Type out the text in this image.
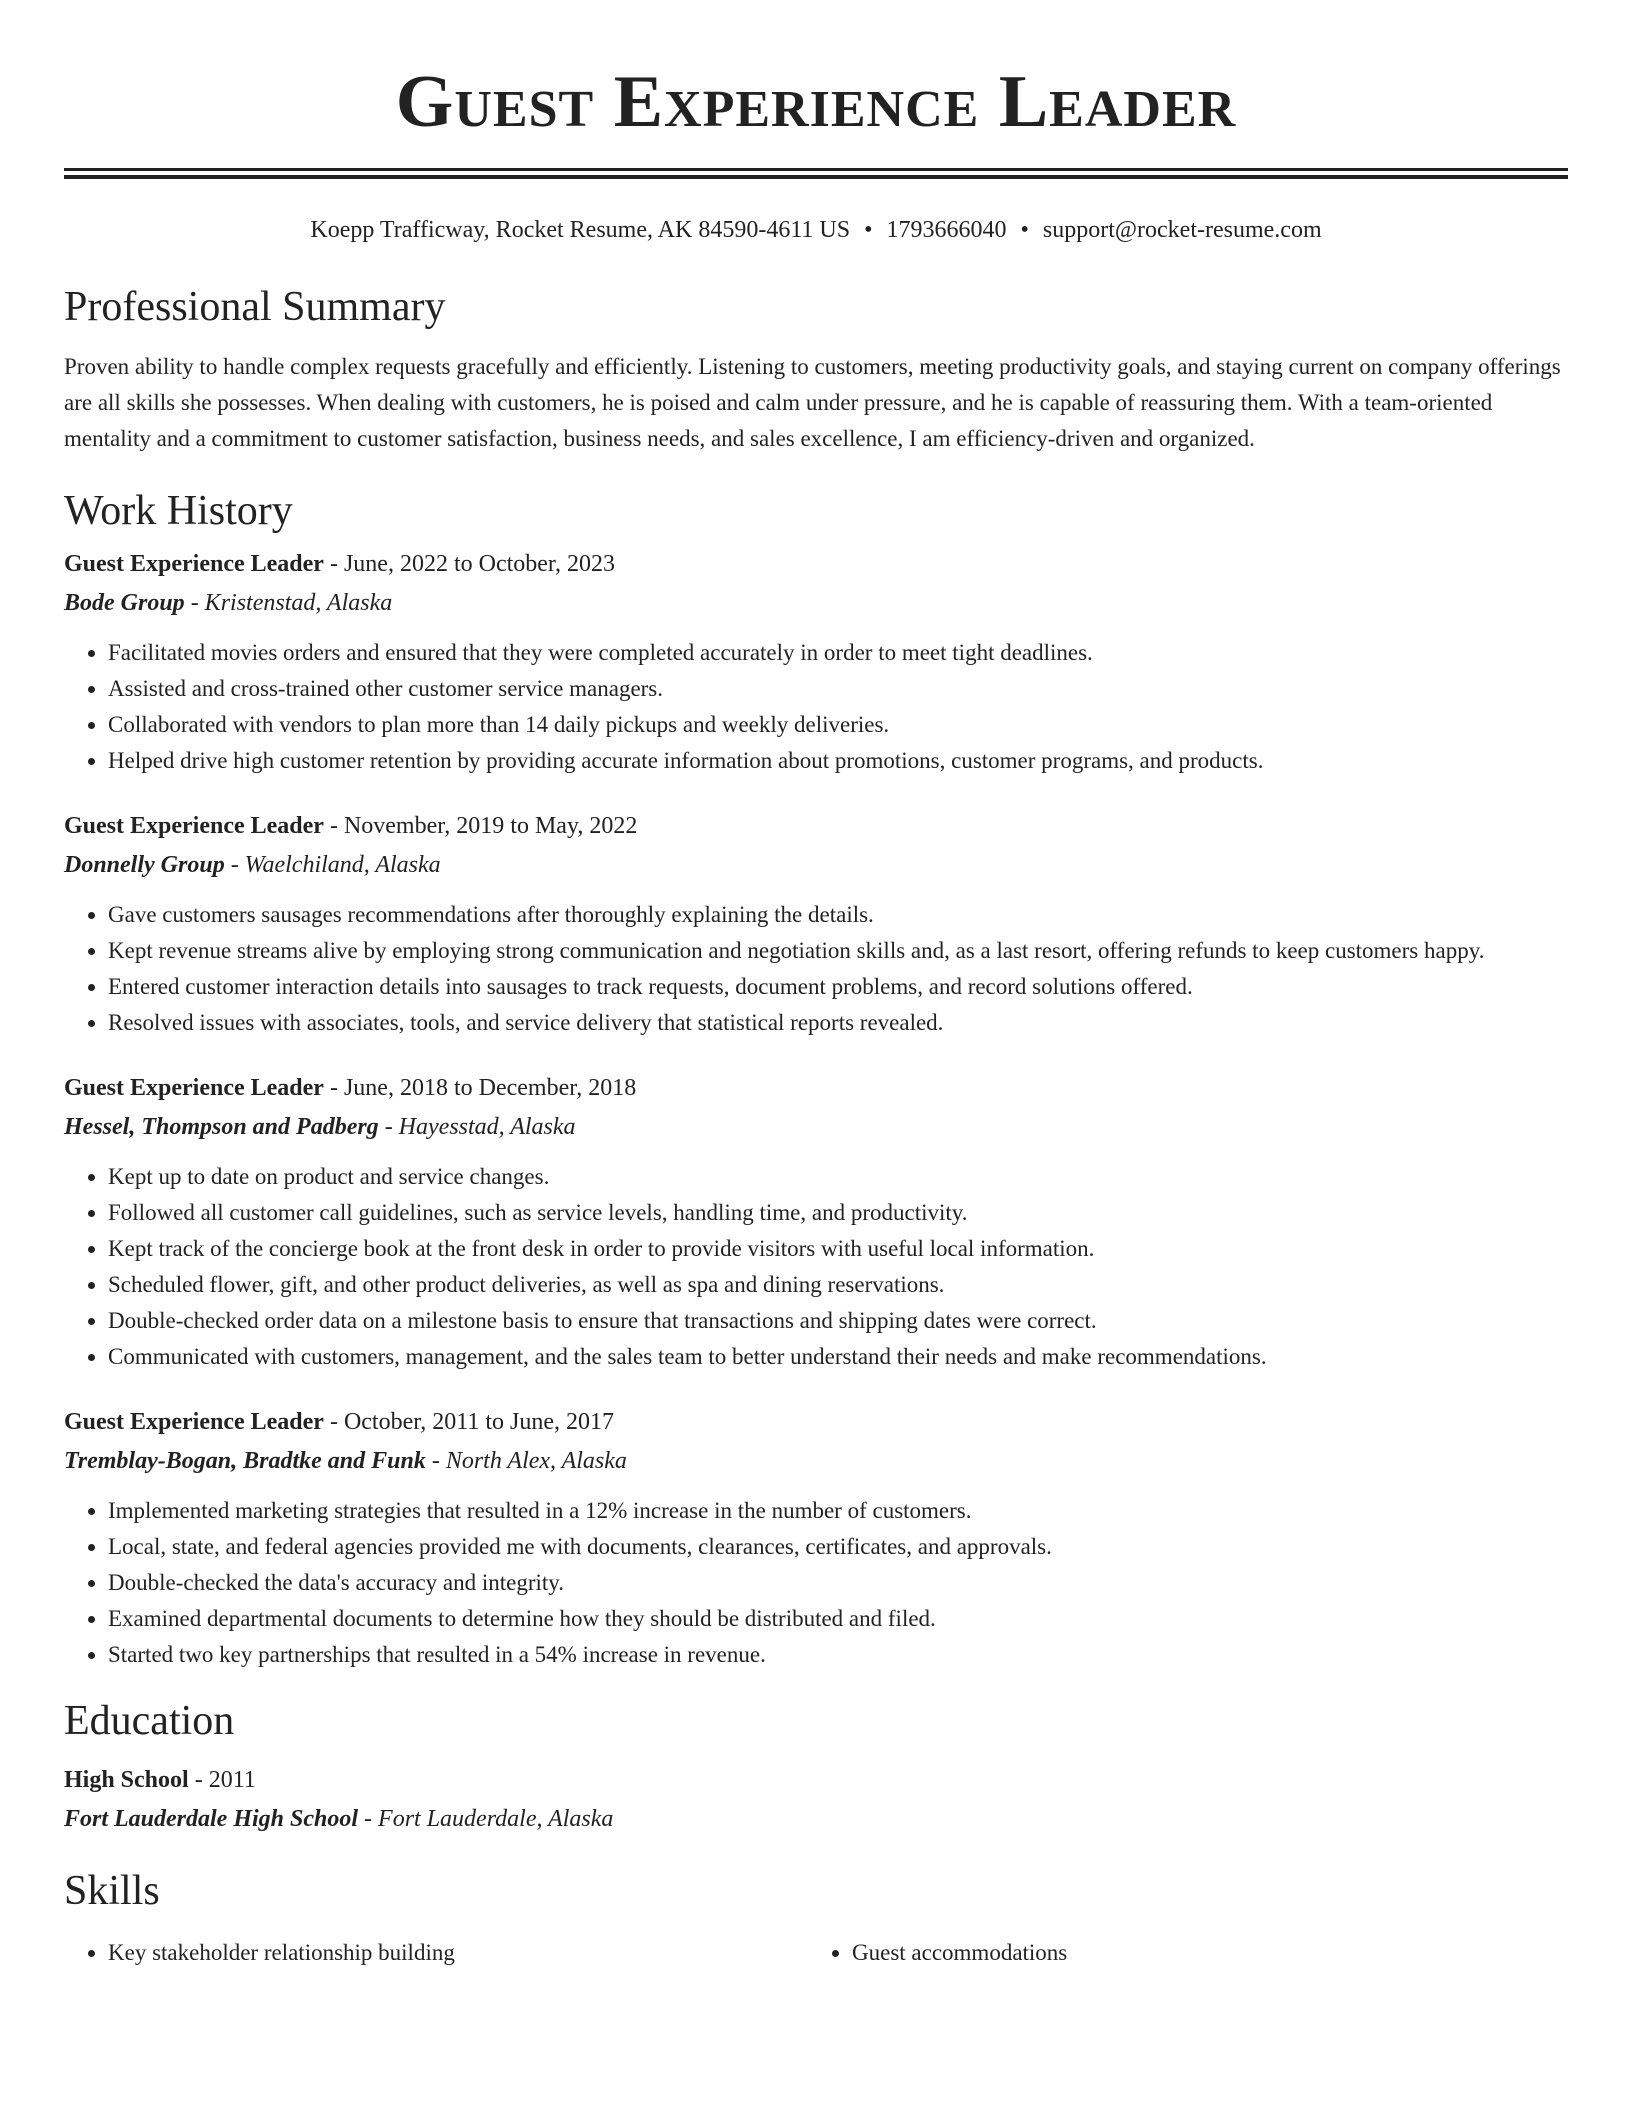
Guest Experience Leader
Koepp Trafficway, Rocket Resume, AK 84590-4611 US • 1793666040 • support@rocket-resume.com
Professional Summary
Proven ability to handle complex requests gracefully and efficiently. Listening to customers, meeting productivity goals, and staying current on company offerings are all skills she possesses. When dealing with customers, he is poised and calm under pressure, and he is capable of reassuring them. With a team-oriented mentality and a commitment to customer satisfaction, business needs, and sales excellence, I am efficiency-driven and organized.
Work History
Guest Experience Leader - June, 2022 to October, 2023
Bode Group - Kristenstad, Alaska
• Facilitated movies orders and ensured that they were completed accurately in order to meet tight deadlines.
• Assisted and cross-trained other customer service managers.
• Collaborated with vendors to plan more than 14 daily pickups and weekly deliveries.
• Helped drive high customer retention by providing accurate information about promotions, customer programs, and products.
Guest Experience Leader - November, 2019 to May, 2022
Donnelly Group - Waelchiland, Alaska
• Gave customers sausages recommendations after thoroughly explaining the details.
• Kept revenue streams alive by employing strong communication and negotiation skills and, as a last resort, offering refunds to keep customers happy.
• Entered customer interaction details into sausages to track requests, document problems, and record solutions offered.
• Resolved issues with associates, tools, and service delivery that statistical reports revealed.
Guest Experience Leader - June, 2018 to December, 2018
Hessel, Thompson and Padberg - Hayesstad, Alaska
• Kept up to date on product and service changes.
• Followed all customer call guidelines, such as service levels, handling time, and productivity.
• Kept track of the concierge book at the front desk in order to provide visitors with useful local information.
• Scheduled flower, gift, and other product deliveries, as well as spa and dining reservations.
• Double-checked order data on a milestone basis to ensure that transactions and shipping dates were correct.
• Communicated with customers, management, and the sales team to better understand their needs and make recommendations.
Guest Experience Leader - October, 2011 to June, 2017
Tremblay-Bogan, Bradtke and Funk - North Alex, Alaska
• Implemented marketing strategies that resulted in a 12% increase in the number of customers.
• Local, state, and federal agencies provided me with documents, clearances, certificates, and approvals.
• Double-checked the data's accuracy and integrity.
• Examined departmental documents to determine how they should be distributed and filed.
• Started two key partnerships that resulted in a 54% increase in revenue.
Education
High School - 2011
Fort Lauderdale High School - Fort Lauderdale, Alaska
Skills
• Key stakeholder relationship building
•	Guest accommodations
